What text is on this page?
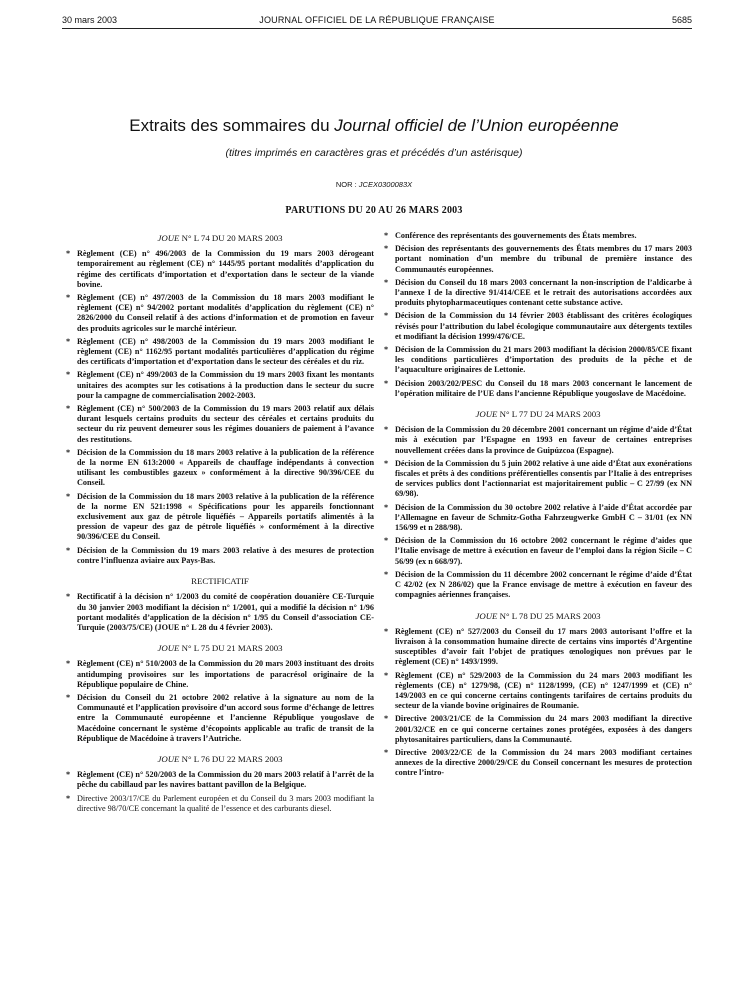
30 mars 2003	JOURNAL OFFICIEL DE LA RÉPUBLIQUE FRANÇAISE	5685
Extraits des sommaires du Journal officiel de l’Union européenne
(titres imprimés en caractères gras et précédés d’un astérisque)
NOR : JCEX0300083X
PARUTIONS DU 20 AU 26 MARS 2003
JOUE N° L 74 DU 20 MARS 2003
* Règlement (CE) n° 496/2003 de la Commission du 19 mars 2003 dérogeant temporairement au règlement (CE) n° 1445/95 portant modalités d’application du régime des certificats d’importation et d’exportation dans le secteur de la viande bovine.
* Règlement (CE) n° 497/2003 de la Commission du 18 mars 2003 modifiant le règlement (CE) n° 94/2002 portant modalités d’application du règlement (CE) n° 2826/2000 du Conseil relatif à des actions d’information et de promotion en faveur des produits agricoles sur le marché intérieur.
* Règlement (CE) n° 498/2003 de la Commission du 19 mars 2003 modifiant le règlement (CE) n° 1162/95 portant modalités particulières d’application du régime des certificats d’importation et d’exportation dans le secteur des céréales et du riz.
* Règlement (CE) n° 499/2003 de la Commission du 19 mars 2003 fixant les montants unitaires des acomptes sur les cotisations à la production dans le secteur du sucre pour la campagne de commercialisation 2002-2003.
* Règlement (CE) n° 500/2003 de la Commission du 19 mars 2003 relatif aux délais durant lesquels certains produits du secteur des céréales et certains produits du secteur du riz peuvent demeurer sous les régimes douaniers de paiement à l’avance des restitutions.
* Décision de la Commission du 18 mars 2003 relative à la publication de la référence de la norme EN 613:2000 « Appareils de chauffage indépendants à convection utilisant les combustibles gazeux » conformément à la directive 90/396/CEE du Conseil.
* Décision de la Commission du 18 mars 2003 relative à la publication de la référence de la norme EN 521:1998 « Spécifications pour les appareils fonctionnant exclusivement aux gaz de pétrole liquéfiés – Appareils portatifs alimentés à la pression de vapeur des gaz de pétrole liquéfiés » conformément à la directive 90/396/CEE du Conseil.
* Décision de la Commission du 19 mars 2003 relative à des mesures de protection contre l’influenza aviaire aux Pays-Bas.
RECTIFICATIF
* Rectificatif à la décision n° 1/2003 du comité de coopération douanière CE-Turquie du 30 janvier 2003 modifiant la décision n° 1/2001, qui a modifié la décision n° 1/96 portant modalités d’application de la décision n° 1/95 du Conseil d’association CE-Turquie (2003/75/CE) (JOUE n° L 28 du 4 février 2003).
JOUE N° L 75 DU 21 MARS 2003
* Règlement (CE) n° 510/2003 de la Commission du 20 mars 2003 instituant des droits antidumping provisoires sur les importations de paracrésol originaire de la République populaire de Chine.
* Décision du Conseil du 21 octobre 2002 relative à la signature au nom de la Communauté et l’application provisoire d’un accord sous forme d’échange de lettres entre la Communauté européenne et l’ancienne République yougoslave de Macédoine concernant le système d’écopoints applicable au trafic de transit de la République de Macédoine à travers l’Autriche.
JOUE N° L 76 DU 22 MARS 2003
* Règlement (CE) n° 520/2003 de la Commission du 20 mars 2003 relatif à l’arrêt de la pêche du cabillaud par les navires battant pavillon de la Belgique.
* Directive 2003/17/CE du Parlement européen et du Conseil du 3 mars 2003 modifiant la directive 98/70/CE concernant la qualité de l’essence et des carburants diesel.
* Conférence des représentants des gouvernements des États membres.
* Décision des représentants des gouvernements des États membres du 17 mars 2003 portant nomination d’un membre du tribunal de première instance des Communautés européennes.
* Décision du Conseil du 18 mars 2003 concernant la non-inscription de l’aldicarbe à l’annexe I de la directive 91/414/CEE et le retrait des autorisations accordées aux produits phytopharmaceutiques contenant cette substance active.
* Décision de la Commission du 14 février 2003 établissant des critères écologiques révisés pour l’attribution du label écologique communautaire aux détergents textiles et modifiant la décision 1999/476/CE.
* Décision de la Commission du 21 mars 2003 modifiant la décision 2000/85/CE fixant les conditions particulières d’importation des produits de la pêche et de l’aquaculture originaires de Lettonie.
* Décision 2003/202/PESC du Conseil du 18 mars 2003 concernant le lancement de l’opération militaire de l’UE dans l’ancienne République yougoslave de Macédoine.
JOUE N° L 77 DU 24 MARS 2003
* Décision de la Commission du 20 décembre 2001 concernant un régime d’aide d’État mis à exécution par l’Espagne en 1993 en faveur de certaines entreprises nouvellement créées dans la province de Guipúzcoa (Espagne).
* Décision de la Commission du 5 juin 2002 relative à une aide d’État aux exonérations fiscales et prêts à des conditions préférentielles consentis par l’Italie à des entreprises de services publics dont l’actionnariat est majoritairement public – C 27/99 (ex NN 69/98).
* Décision de la Commission du 30 octobre 2002 relative à l’aide d’État accordée par l’Allemagne en faveur de Schmitz-Gotha Fahrzeugwerke GmbH C – 31/01 (ex NN 156/99 et n 288/98).
* Décision de la Commission du 16 octobre 2002 concernant le régime d’aides que l’Italie envisage de mettre à exécution en faveur de l’emploi dans la région Sicile – C 56/99 (ex n 668/97).
* Décision de la Commission du 11 décembre 2002 concernant le régime d’aide d’État C 42/02 (ex N 286/02) que la France envisage de mettre à exécution en faveur des compagnies aériennes françaises.
JOUE N° L 78 DU 25 MARS 2003
* Règlement (CE) n° 527/2003 du Conseil du 17 mars 2003 autorisant l’offre et la livraison à la consommation humaine directe de certains vins importés d’Argentine susceptibles d’avoir fait l’objet de pratiques œnologiques non prévues par le règlement (CE) n° 1493/1999.
* Règlement (CE) n° 529/2003 de la Commission du 24 mars 2003 modifiant les règlements (CE) n° 1279/98, (CE) n° 1128/1999, (CE) n° 1247/1999 et (CE) n° 149/2003 en ce qui concerne certains contingents tarifaires de certains produits du secteur de la viande bovine originaires de Roumanie.
* Directive 2003/21/CE de la Commission du 24 mars 2003 modifiant la directive 2001/32/CE en ce qui concerne certaines zones protégées, exposées à des dangers phytosanitaires particuliers, dans la Communauté.
* Directive 2003/22/CE de la Commission du 24 mars 2003 modifiant certaines annexes de la directive 2000/29/CE du Conseil concernant les mesures de protection contre l’intro-
